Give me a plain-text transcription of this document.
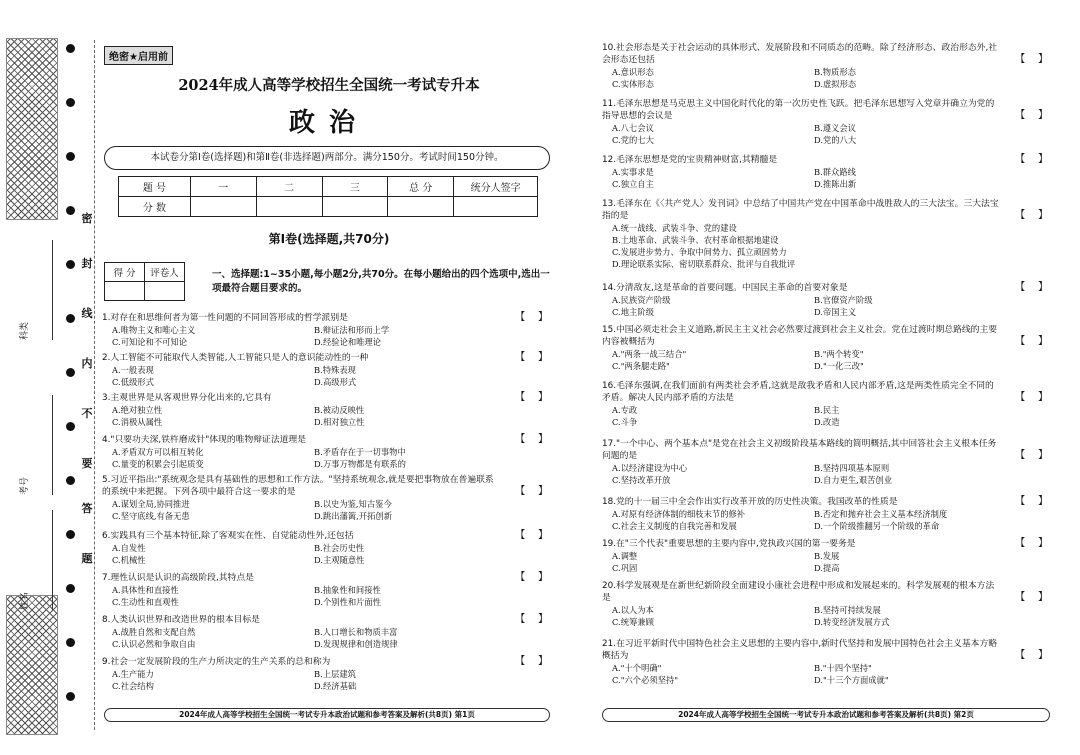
科类
考号
姓名
密
封
线
内
不
要
答
题
绝密★启用前
2024年成人高等学校招生全国统一考试专升本
政治
本试卷分第Ⅰ卷(选择题)和第Ⅱ卷(非选择题)两部分。满分150分。考试时间150分钟。
题 号	一	二	三	总 分	统分人签字
分 数					
第Ⅰ卷(选择题,共70分)
得 分	评卷人
		一、选择题:1~35小题,每小题2分,共70分。在每小题给出的四个选项中,选出一项最符合题目要求的。
1.对存在和思维何者为第一性问题的不同回答形成的哲学派别是	【    】
A.唯物主义和唯心主义	B.辩证法和形而上学
C.可知论和不可知论	D.经验论和唯理论
2.人工智能不可能取代人类智能,人工智能只是人的意识能动性的一种	【    】
A.一般表现	B.特殊表现
C.低级形式	D.高级形式
3.主观世界是从客观世界分化出来的,它具有	【    】
A.绝对独立性	B.被动反映性
C.消极从属性	D.相对独立性
4."只要功夫深,铁杵磨成针"体现的唯物辩证法道理是	【    】
A.矛盾双方可以相互转化	B.矛盾存在于一切事物中
C.量变的积累会引起质变	D.万事万物都是有联系的
5.习近平指出:"系统观念是具有基础性的思想和工作方法。"坚持系统观念,就是要把事物放在普遍联系的系统中来把握。下列各项中最符合这一要求的是	【    】
A.谋划全局,协同推进	B.以史为鉴,知古鉴今
C.坚守底线,有备无患	D.跳出藩篱,开拓创新
6.实践具有三个基本特征,除了客观实在性、自觉能动性外,还包括	【    】
A.自发性	B.社会历史性
C.机械性	D.主观随意性
7.理性认识是认识的高级阶段,其特点是	【    】
A.具体性和直接性	B.抽象性和间接性
C.生动性和直观性	D.个别性和片面性
8.人类认识世界和改造世界的根本目标是	【    】
A.战胜自然和支配自然	B.人口增长和物质丰富
C.认识必然和争取自由	D.发现规律和创造规律
9.社会一定发展阶段的生产力所决定的生产关系的总和称为	【    】
A.生产能力	B.上层建筑
C.社会结构	D.经济基础
2024年成人高等学校招生全国统一考试专升本政治试题和参考答案及解析(共8页) 第1页
10.社会形态是关于社会运动的具体形式、发展阶段和不同质态的范畴。除了经济形态、政治形态外,社会形态还包括	【    】
A.意识形态	B.物质形态
C.实体形态	D.虚拟形态
11.毛泽东思想是马克思主义中国化时代化的第一次历史性飞跃。把毛泽东思想写入党章并确立为党的指导思想的会议是	【    】
A.八七会议	B.遵义会议
C.党的七大	D.党的八大
12.毛泽东思想是党的宝贵精神财富,其精髓是	【    】
A.实事求是	B.群众路线
C.独立自主	D.推陈出新
13.毛泽东在《〈共产党人〉发刊词》中总结了中国共产党在中国革命中战胜敌人的三大法宝。三大法宝指的是	【    】
A.统一战线、武装斗争、党的建设
B.土地革命、武装斗争、农村革命根据地建设
C.发展进步势力、争取中间势力、孤立顽固势力
D.理论联系实际、密切联系群众、批评与自我批评
14.分清敌友,这是革命的首要问题。中国民主革命的首要对象是	【    】
A.民族资产阶级	B.官僚资产阶级
C.地主阶级	D.帝国主义
15.中国必须走社会主义道路,新民主主义社会必然要过渡到社会主义社会。党在过渡时期总路线的主要内容被概括为	【    】
A."两条一战三结合"	B."两个转变"
C."两条腿走路"	D."一化三改"
16.毛泽东强调,在我们面前有两类社会矛盾,这就是敌我矛盾和人民内部矛盾,这是两类性质完全不同的矛盾。解决人民内部矛盾的方法是	【    】
A.专政	B.民主
C.斗争	D.改造
17."一个中心、两个基本点"是党在社会主义初级阶段基本路线的简明概括,其中回答社会主义根本任务问题的是	【    】
A.以经济建设为中心	B.坚持四项基本原则
C.坚持改革开放	D.自力更生,艰苦创业
18.党的十一届三中全会作出实行改革开放的历史性决策。我国改革的性质是	【    】
A.对原有经济体制的细枝末节的修补	B.否定和抛弃社会主义基本经济制度
C.社会主义制度的自我完善和发展	D.一个阶级推翻另一个阶级的革命
19.在"三个代表"重要思想的主要内容中,党执政兴国的第一要务是	【    】
A.调整	B.发展
C.巩固	D.提高
20.科学发展观是在新世纪新阶段全面建设小康社会进程中形成和发展起来的。科学发展观的根本方法是	【    】
A.以人为本	B.坚持可持续发展
C.统筹兼顾	D.转变经济发展方式
21.在习近平新时代中国特色社会主义思想的主要内容中,新时代坚持和发展中国特色社会主义基本方略概括为	【    】
A."十个明确"	B."十四个坚持"
C."六个必须坚持"	D."十三个方面成就"
2024年成人高等学校招生全国统一考试专升本政治试题和参考答案及解析(共8页) 第2页
